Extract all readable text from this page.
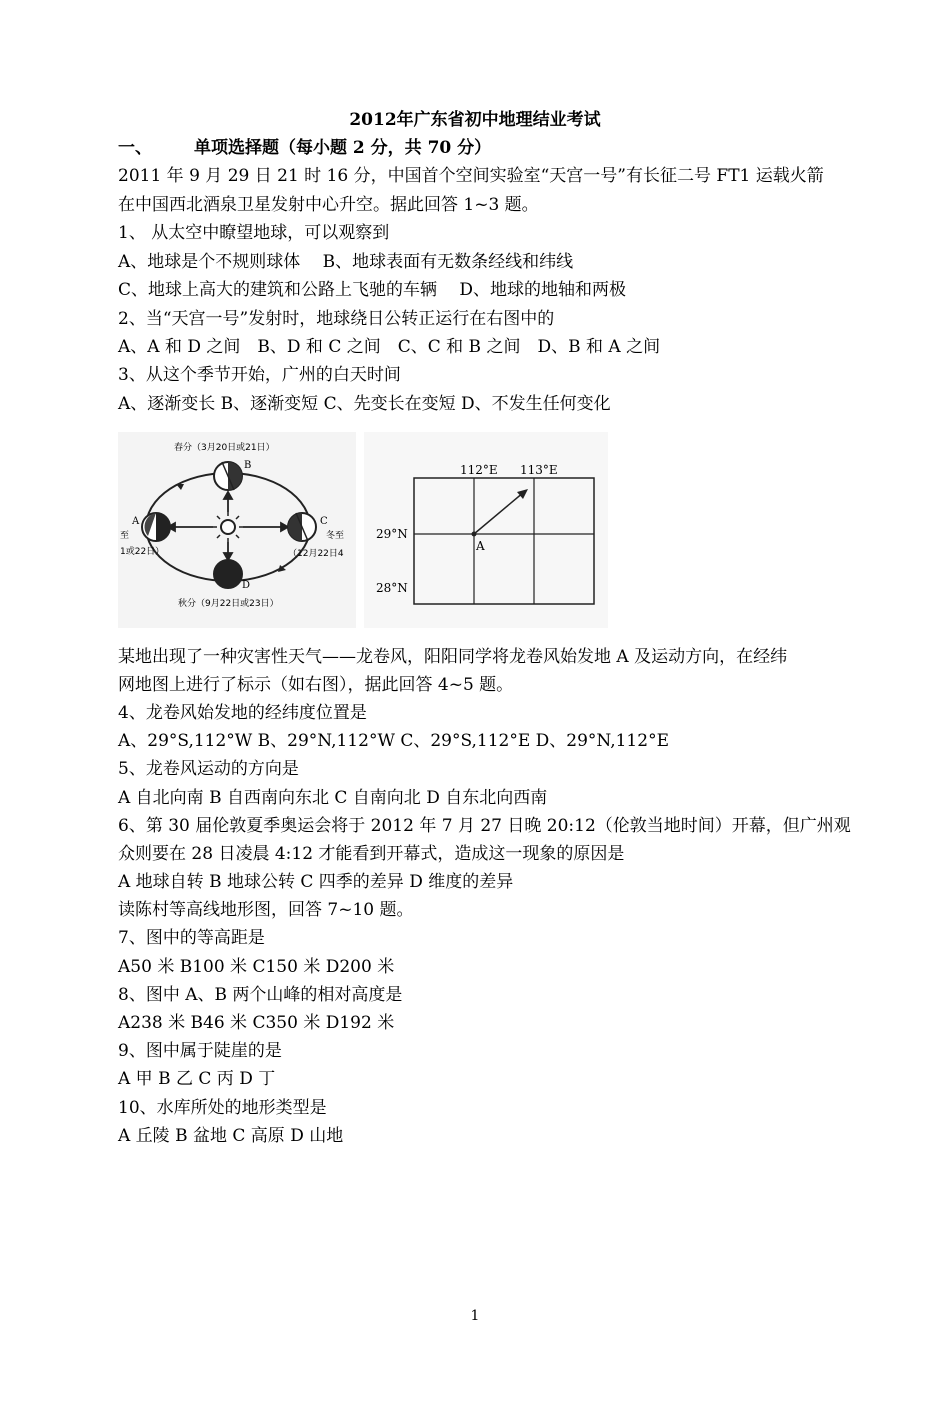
2012年广东省初中地理结业考试
一、 单项选择题（每小题 2 分，共 70 分）
2011 年 9 月 29 日 21 时 16 分，中国首个空间实验室“天宫一号”有长征二号 FT1 运载火箭
在中国西北酒泉卫星发射中心升空。据此回答 1~3 题。
1、 从太空中瞭望地球，可以观察到
A、地球是个不规则球体　 B、地球表面有无数条经线和纬线
C、地球上高大的建筑和公路上飞驰的车辆　 D、地球的地轴和两极
2、当“天宫一号”发射时，地球绕日公转正运行在右图中的
A、A 和 D 之间　B、D 和 C 之间　C、C 和 B 之间　D、B 和 A 之间
3、从这个季节开始，广州的白天时间
A、逐渐变长 B、逐渐变短 C、先变长在变短 D、不发生任何变化
春分（3月20日或21日）
B
A
至
1或22日）
C
冬至
（12月22日4
D
秋分（9月22日或23日）
112°E 113°E
29°N
28°N
A
某地出现了一种灾害性天气——龙卷风，阳阳同学将龙卷风始发地 A 及运动方向，在经纬
网地图上进行了标示（如右图），据此回答 4~5 题。
4、龙卷风始发地的经纬度位置是
A、29°S,112°W B、29°N,112°W C、29°S,112°E D、29°N,112°E
5、龙卷风运动的方向是
A 自北向南 B 自西南向东北 C 自南向北 D 自东北向西南
6、第 30 届伦敦夏季奥运会将于 2012 年 7 月 27 日晚 20:12（伦敦当地时间）开幕，但广州观
众则要在 28 日凌晨 4:12 才能看到开幕式，造成这一现象的原因是
A 地球自转 B 地球公转 C 四季的差异 D 维度的差异
读陈村等高线地形图，回答 7~10 题。
7、图中的等高距是
A50 米 B100 米 C150 米 D200 米
8、图中 A、B 两个山峰的相对高度是
A238 米 B46 米 C350 米 D192 米
9、图中属于陡崖的是
A 甲 B 乙 C 丙 D 丁
10、水库所处的地形类型是
A 丘陵 B 盆地 C 高原 D 山地
1
